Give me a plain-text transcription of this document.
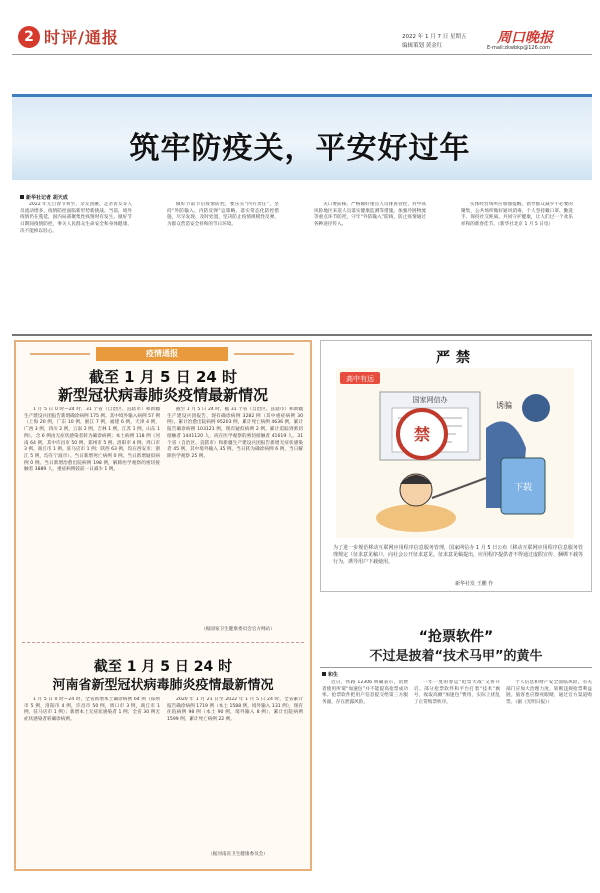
2 时评/通报	2022 年 1 月 7 日 星期五
编辑策划 黄金红	周口晚报
E-mail:zkwbkp@126.com
筑牢防疫关，平安好过年
新华社记者 胡天成

2022 年元旦春节将至，亲友团聚、走亲访友等人员流动增多，疫情防控面临新形势新挑战。当前，境外疫情仍在蔓延，国内局部聚集性疫情时有发生。做好节日期间疫情防控，事关人民群众生命安全和身体健康，决不能掉以轻心。

做好节前节后疫情防控，要压实“四方责任”，坚持“外防输入、内防反弹”总策略，落实常态化防控措施，尽早发现、及时处置，坚决防止疫情规模性反弹，为群众营造安全祥和的节日环境。

关口要前移。严格做好重点人员排查管控，对中高风险地区来返人员落实健康监测等措施。加强冷链物流等重点环节防控，守牢“外防输入”防线，防止疫情通过各种途径传入。

实体经营场所应加强提醒，倡导群众减少不必要的聚集，公共场所做好通风消毒，个人坚持戴口罩、勤洗手、保持社交距离。共同守护健康，让人们过一个欢乐祥和的新春佳节。（新华社北京 1 月 5 日电）

疫情通报
截至 1 月 5 日 24 时
新型冠状病毒肺炎疫情最新情况

1 月 5 日 0 时—24 时，31 个省（自治区、直辖市）和新疆生产建设兵团报告新增确诊病例 175 例。其中境外输入病例 57 例（上海 20 例，广东 10 例，浙江 7 例，福建 6 例，天津 4 例，广西 3 例，四川 2 例，云南 2 例，吉林 1 例，江苏 1 例，山东 1 例），含 6 例由无症状感染者转为确诊病例；本土病例 118 例（河南 64 例，其中许昌市 50 例、郑州市 5 例、洛阳市 4 例、周口市 3 例、商丘市 1 例、驻马店市 1 例；陕西 63 例，均在西安市；浙江 5 例，均在宁波市）。当日新增死亡病例 0 例。当日新增疑似病例 0 例。当日新增治愈出院病例 198 例，解除医学观察的密切接触者 3889 人，重症病例较前一日减少 1 例。

截至 1 月 5 日 24 时，据 31 个省（自治区、直辖市）和新疆生产建设兵团报告，现有确诊病例 3282 例（其中重症病例 30 例），累计治愈出院病例 95203 例，累计死亡病例 4636 例，累计报告确诊病例 103121 例，现有疑似病例 2 例。累计追踪到密切接触者 1441120 人，尚在医学观察的密切接触者 41619 人。31 个省（自治区、直辖市）和新疆生产建设兵团报告新增无症状感染者 45 例，其中境外输入 35 例。当日转为确诊病例 6 例，当日解除医学观察 25 例。

（据国家卫生健康委员会官方网站）
截至 1 月 5 日 24 时
河南省新型冠状病毒肺炎疫情最新情况

1 月 5 日 0 时—24 时，全省新增本土确诊病例 64 例（郑州市 5 例，洛阳市 4 例，许昌市 50 例，周口市 3 例，商丘市 1 例，驻马店市 1 例）；新增本土无症状感染者 1 例；全省 30 例无症状感染者转确诊病例。

2020 年 1 月 21 日至 2022 年 1 月 5 日 24 时，全省累计报告确诊病例 1719 例（本土 1588 例，境外输入 131 例），现有住院病例 98 例（本土 90 例，境外输入 8 例），累计出院病例 1599 例，累计死亡病例 22 例。

（据河南省卫生健康委员会）
严禁
高中有远
国家网信办
禁
下载
诱骗
为了进一步规范移动互联网应用程序信息服务管理，国家网信办 1 月 5 日公布《移动互联网应用程序信息服务管理规定（征求意见稿）》，向社会公开征求意见。征求意见稿提出，应用程序提供者不得通过虚假宣传、捆绑下载等行为，诱导用户下载使用。
新华社发 王鹏 作
“抢票软件”
不过是披着“技术马甲”的黄牛
和生

近日，铁路 12306 明确表示，消费者使用所谓“加速包”并不能提高抢票成功率。抢票软件把用户信息提交给第三方服务器，存在泄露风险。

一年一度的春运“抢票大战”又将开启。部分抢票软件和平台打着“技术”旗号，收取高额“加速包”费用，实际上扰乱了正常购票秩序。

个人信息和财产安全面临风险。有关部门应加大治理力度，斩断违规抢票利益链。旅客也应擦亮眼睛，通过官方渠道购票。（据《光明日报》）
